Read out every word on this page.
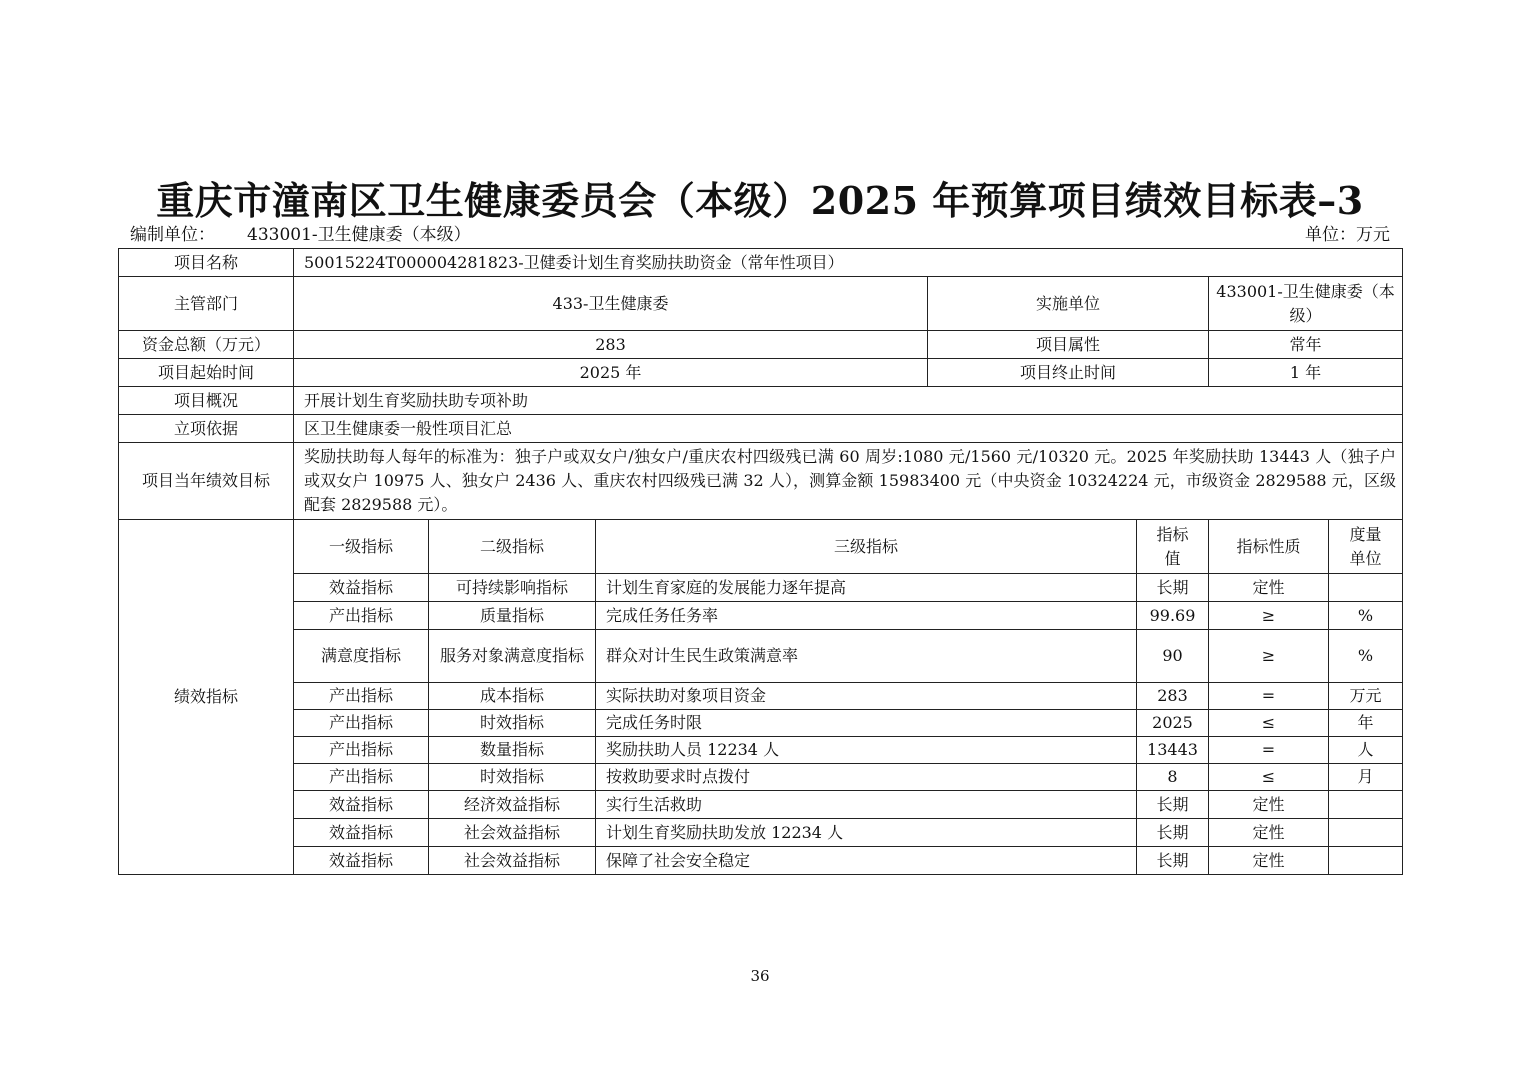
重庆市潼南区卫生健康委员会（本级）2025 年预算项目绩效目标表–3
编制单位： 433001-卫生健康委（本级）	单位：万元
项目名称	50015224T000004281823-卫健委计划生育奖励扶助资金（常年性项目）						
主管部门	433-卫生健康委			实施单位		433001-卫生健康委（本级）	
资金总额（万元）	283			项目属性		常年	
项目起始时间	2025 年			项目终止时间		1 年	
项目概况	开展计划生育奖励扶助专项补助						
立项依据	区卫生健康委一般性项目汇总						
项目当年绩效目标	奖励扶助每人每年的标准为：独子户或双女户/独女户/重庆农村四级残已满 60 周岁:1080 元/1560 元/10320 元。2025 年奖励扶助 13443 人（独子户或双女户 10975 人、独女户 2436 人、重庆农村四级残已满 32 人），测算金额 15983400 元（中央资金 10324224 元，市级资金 2829588 元，区级配套 2829588 元）。						
绩效指标	一级指标	二级指标	三级指标		指标值	指标性质	度量单位
	效益指标	可持续影响指标	计划生育家庭的发展能力逐年提高		长期	定性	
	产出指标	质量指标	完成任务任务率		99.69	≥	%
	满意度指标	服务对象满意度指标	群众对计生民生政策满意率		90	≥	%
	产出指标	成本指标	实际扶助对象项目资金		283	=	万元
	产出指标	时效指标	完成任务时限		2025	≤	年
	产出指标	数量指标	奖励扶助人员 12234 人		13443	=	人
	产出指标	时效指标	按救助要求时点拨付		8	≤	月
	效益指标	经济效益指标	实行生活救助		长期	定性	
	效益指标	社会效益指标	计划生育奖励扶助发放 12234 人		长期	定性	
	效益指标	社会效益指标	保障了社会安全稳定		长期	定性	
36
